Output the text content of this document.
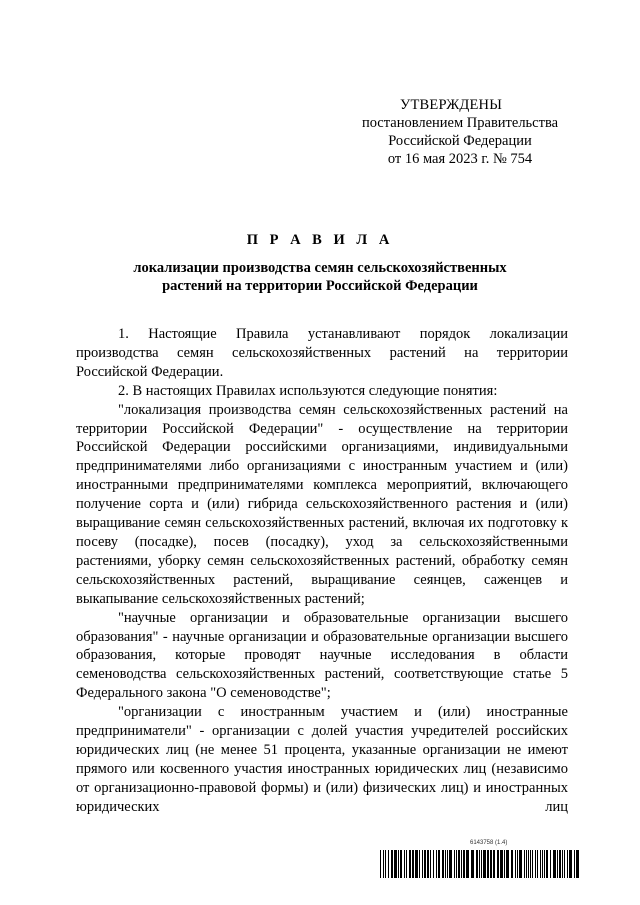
УТВЕРЖДЕНЫ
постановлением Правительства
Российской Федерации
от 16 мая 2023 г. № 754
П Р А В И Л А
локализации производства семян сельскохозяйственных
растений на территории Российской Федерации

1. Настоящие Правила устанавливают порядок локализации производства семян сельскохозяйственных растений на территории Российской Федерации.

2. В настоящих Правилах используются следующие понятия:

"локализация производства семян сельскохозяйственных растений на территории Российской Федерации" - осуществление на территории Российской Федерации российскими организациями, индивидуальными предпринимателями либо организациями с иностранным участием и (или) иностранными предпринимателями комплекса мероприятий, включающего получение сорта и (или) гибрида сельскохозяйственного растения и (или) выращивание семян сельскохозяйственных растений, включая их подготовку к посеву (посадке), посев (посадку), уход за сельскохозяйственными растениями, уборку семян сельскохозяйственных растений, обработку семян сельскохозяйственных растений, выращивание сеянцев, саженцев и выкапывание сельскохозяйственных растений;

"научные организации и образовательные организации высшего образования" - научные организации и образовательные организации высшего образования, которые проводят научные исследования в области семеноводства сельскохозяйственных растений, соответствующие статье 5 Федерального закона "О семеноводстве";

"организации с иностранным участием и (или) иностранные предприниматели" - организации с долей участия учредителей российских юридических лиц (не менее 51 процента, указанные организации не имеют прямого или косвенного участия иностранных юридических лиц (независимо от организационно-правовой формы) и (или) физических лиц) и иностранных юридических лиц

6143758 (1.4)
